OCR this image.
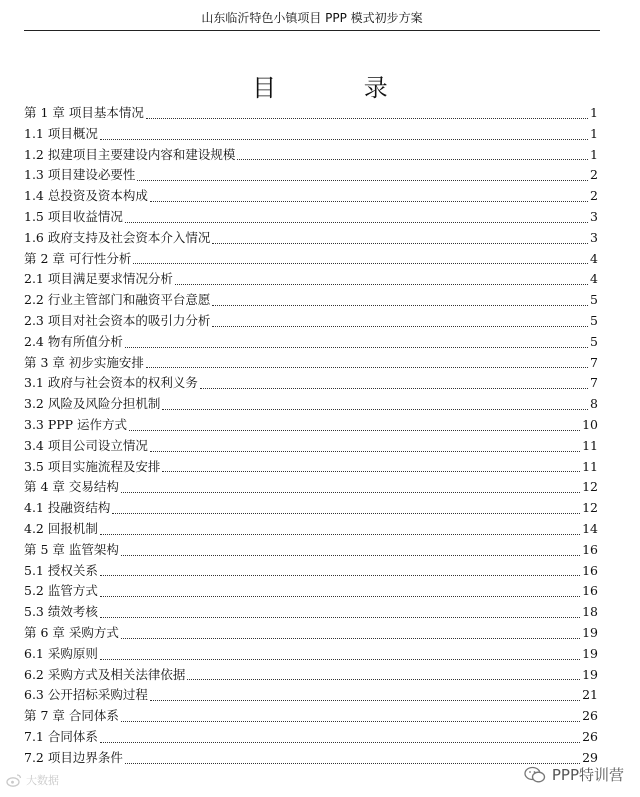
山东临沂特色小镇项目 PPP 模式初步方案
目 录
第 1 章 项目基本情况	1
1.1 项目概况	1
1.2 拟建项目主要建设内容和建设规模	1
1.3 项目建设必要性	2
1.4 总投资及资本构成	2
1.5 项目收益情况	3
1.6 政府支持及社会资本介入情况	3
第 2 章 可行性分析	4
2.1 项目满足要求情况分析	4
2.2 行业主管部门和融资平台意愿	5
2.3 项目对社会资本的吸引力分析	5
2.4 物有所值分析	5
第 3 章 初步实施安排	7
3.1 政府与社会资本的权利义务	7
3.2 风险及风险分担机制	8
3.3 PPP 运作方式	10
3.4 项目公司设立情况	11
3.5 项目实施流程及安排	11
第 4 章 交易结构	12
4.1 投融资结构	12
4.2 回报机制	14
第 5 章 监管架构	16
5.1 授权关系	16
5.2 监管方式	16
5.3 绩效考核	18
第 6 章 采购方式	19
6.1 采购原则	19
6.2 采购方式及相关法律依据	19
6.3 公开招标采购过程	21
第 7 章 合同体系	26
7.1 合同体系	26
7.2 项目边界条件	29
大数据	PPP特训营
